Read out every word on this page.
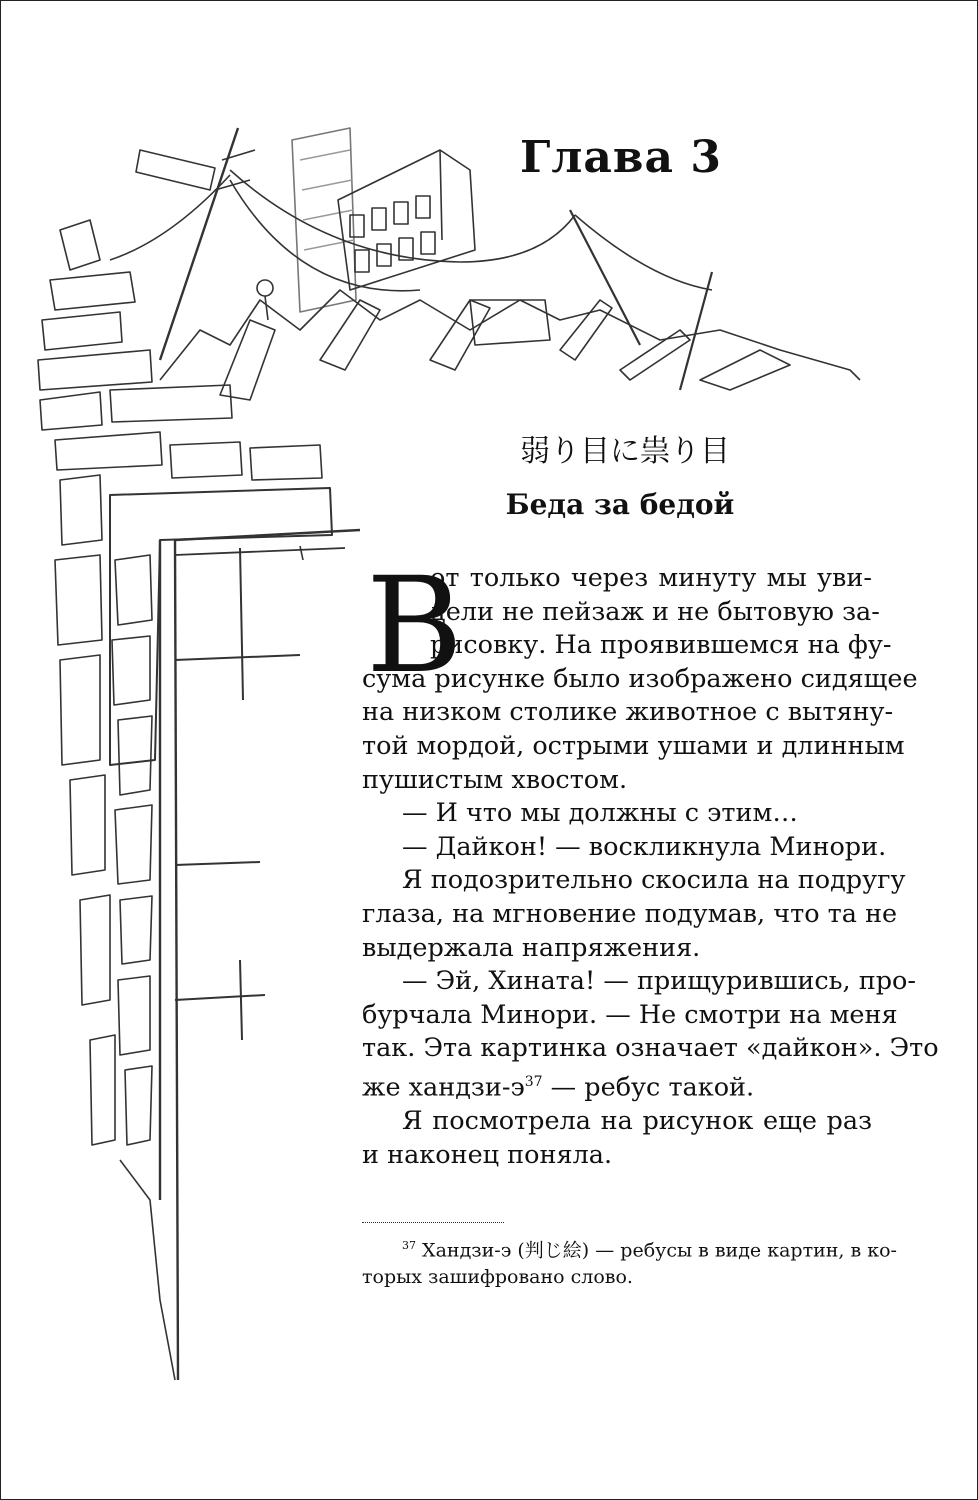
Глава 3
弱り目に祟り目
Беда за бедой
В
от только через минуту мы уви-
дели не пейзаж и не бытовую за-
рисовку. На проявившемся на фу-
сума рисунке было изображено сидящее
на низком столике животное с вытяну-
той мордой, острыми ушами и длинным
пушистым хвостом.
— И что мы должны с этим…
— Дайкон! — воскликнула Минори.
Я подозрительно скосила на подругу
глаза, на мгновение подумав, что та не
выдержала напряжения.
— Эй, Хината! — прищурившись, про-
бурчала Минори. — Не смотри на меня
так. Эта картинка означает «дайкон». Это
же хандзи-$э^{37}$ — ребус такой.
Я посмотрела на рисунок еще раз
и наконец поняла.
$^{37}$ Хандзи-э (判じ絵) — ребусы в виде картин, в ко-
торых зашифровано слово.
